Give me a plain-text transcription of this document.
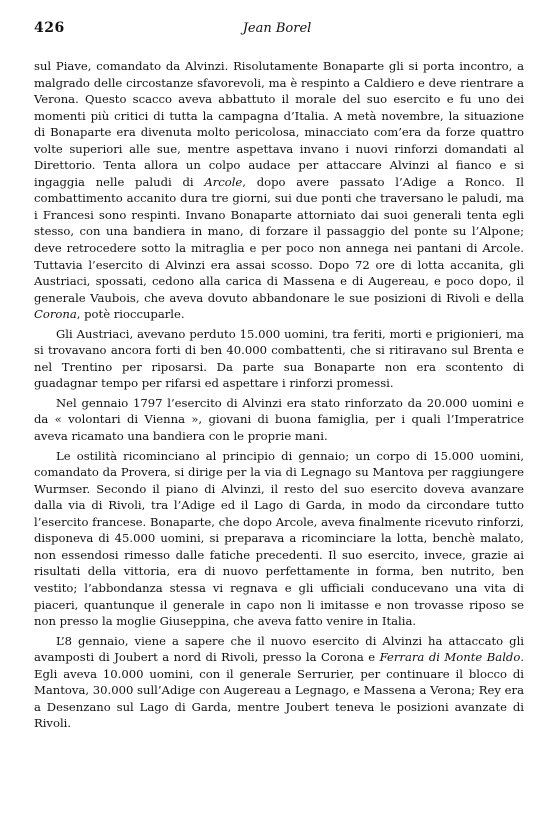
426	Jean Borel

sul Piave, comandato da Alvinzi. Risolutamente Bonaparte gli si porta incontro, a malgrado delle circostanze sfavorevoli, ma è respinto a Caldiero e deve rientrare a Verona. Questo scacco aveva abbattuto il morale del suo esercito e fu uno dei momenti più critici di tutta la campagna d’Italia. A metà novembre, la situazione di Bonaparte era divenuta molto pericolosa, minacciato com’era da forze quattro volte superiori alle sue, mentre aspettava invano i nuovi rinforzi domandati al Direttorio. Tenta allora un colpo audace per attaccare Alvinzi al fianco e si ingaggia nelle paludi di Arcole, dopo avere passato l’Adige a Ronco. Il combattimento accanito dura tre giorni, sui due ponti che traversano le paludi, ma i Francesi sono respinti. Invano Bonaparte attorniato dai suoi generali tenta egli stesso, con una bandiera in mano, di forzare il passaggio del ponte su l’Alpone; deve retrocedere sotto la mitraglia e per poco non annega nei pantani di Arcole. Tuttavia l’esercito di Alvinzi era assai scosso. Dopo 72 ore di lotta accanita, gli Austriaci, spossati, cedono alla carica di Massena e di Augereau, e poco dopo, il generale Vaubois, che aveva dovuto abbandonare le sue posizioni di Rivoli e della Corona, potè rioccuparle.

Gli Austriaci, avevano perduto 15.000 uomini, tra feriti, morti e prigionieri, ma si trovavano ancora forti di ben 40.000 combattenti, che si ritiravano sul Brenta e nel Trentino per riposarsi. Da parte sua Bonaparte non era scontento di guadagnar tempo per rifarsi ed aspettare i rinforzi promessi.

Nel gennaio 1797 l’esercito di Alvinzi era stato rinforzato da 20.000 uomini e da « volontari di Vienna », giovani di buona famiglia, per i quali l’Imperatrice aveva ricamato una bandiera con le proprie mani.

Le ostilità ricominciano al principio di gennaio; un corpo di 15.000 uomini, comandato da Provera, si dirige per la via di Legnago su Mantova per raggiungere Wurmser. Secondo il piano di Alvinzi, il resto del suo esercito doveva avanzare dalla via di Rivoli, tra l’Adige ed il Lago di Garda, in modo da circondare tutto l’esercito francese. Bonaparte, che dopo Arcole, aveva finalmente ricevuto rinforzi, disponeva di 45.000 uomini, si preparava a ricominciare la lotta, benchè malato, non essendosi rimesso dalle fatiche precedenti. Il suo esercito, invece, grazie ai risultati della vittoria, era di nuovo perfettamente in forma, ben nutrito, ben vestito; l’abbondanza stessa vi regnava e gli ufficiali conducevano una vita di piaceri, quantunque il generale in capo non li imitasse e non trovasse riposo se non presso la moglie Giuseppina, che aveva fatto venire in Italia.

L’8 gennaio, viene a sapere che il nuovo esercito di Alvinzi ha attaccato gli avamposti di Joubert a nord di Rivoli, presso la Corona e Ferrara di Monte Baldo. Egli aveva 10.000 uomini, con il generale Serrurier, per continuare il blocco di Mantova, 30.000 sull’Adige con Augereau a Legnago, e Massena a Verona; Rey era a Desenzano sul Lago di Garda, mentre Joubert teneva le posizioni avanzate di Rivoli.
